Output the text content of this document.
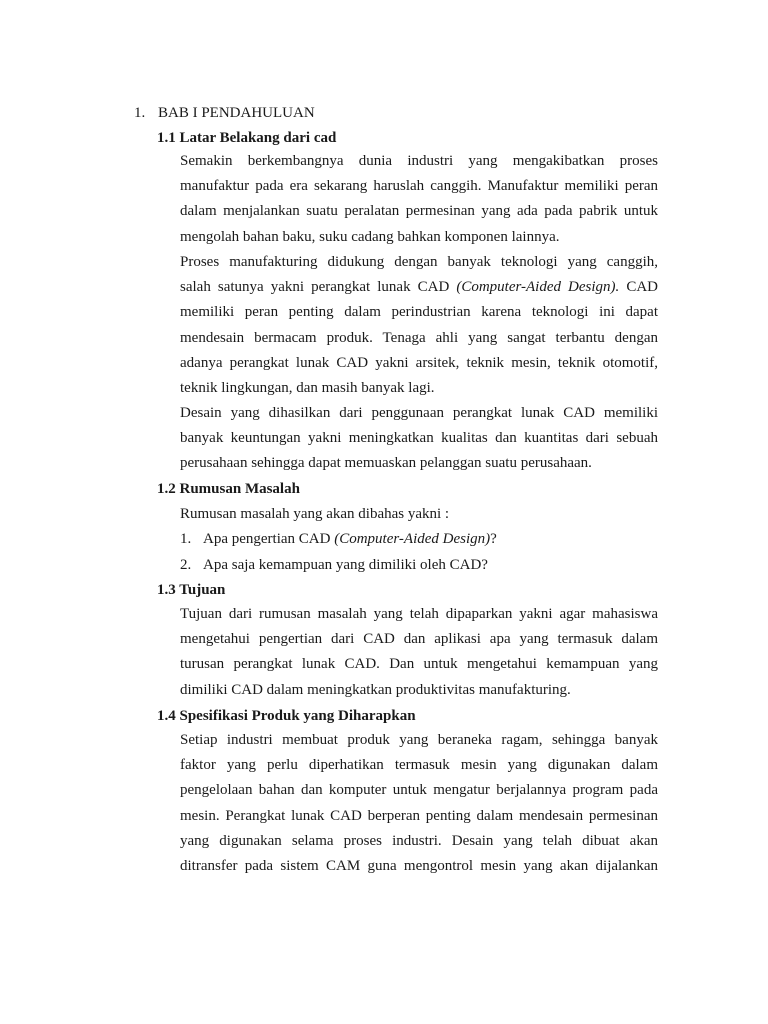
1. BAB I PENDAHULUAN
1.1 Latar Belakang dari cad

Semakin berkembangnya dunia industri yang mengakibatkan proses
manufaktur pada era sekarang haruslah canggih. Manufaktur memiliki peran
dalam menjalankan suatu peralatan permesinan yang ada pada pabrik untuk
mengolah bahan baku, suku cadang bahkan komponen lainnya.

Proses manufakturing didukung dengan banyak teknologi yang canggih,
salah satunya yakni perangkat lunak CAD (Computer-Aided Design). CAD
memiliki peran penting dalam perindustrian karena teknologi ini dapat
mendesain bermacam produk. Tenaga ahli yang sangat terbantu dengan
adanya perangkat lunak CAD yakni arsitek, teknik mesin, teknik otomotif,
teknik lingkungan, dan masih banyak lagi.

Desain yang dihasilkan dari penggunaan perangkat lunak CAD memiliki
banyak keuntungan yakni meningkatkan kualitas dan kuantitas dari sebuah
perusahaan sehingga dapat memuaskan pelanggan suatu perusahaan.

1.2 Rumusan Masalah
Rumusan masalah yang akan dibahas yakni :
1. Apa pengertian CAD (Computer-Aided Design)?
2. Apa saja kemampuan yang dimiliki oleh CAD?
1.3 Tujuan

Tujuan dari rumusan masalah yang telah dipaparkan yakni agar mahasiswa
mengetahui pengertian dari CAD dan aplikasi apa yang termasuk dalam
turusan perangkat lunak CAD. Dan untuk mengetahui kemampuan yang
dimiliki CAD dalam meningkatkan produktivitas manufakturing.

1.4 Spesifikasi Produk yang Diharapkan

Setiap industri membuat produk yang beraneka ragam, sehingga banyak
faktor yang perlu diperhatikan termasuk mesin yang digunakan dalam
pengelolaan bahan dan komputer untuk mengatur berjalannya program pada
mesin. Perangkat lunak CAD berperan penting dalam mendesain permesinan
yang digunakan selama proses industri. Desain yang telah dibuat akan
ditransfer pada sistem CAM guna mengontrol mesin yang akan dijalankan
